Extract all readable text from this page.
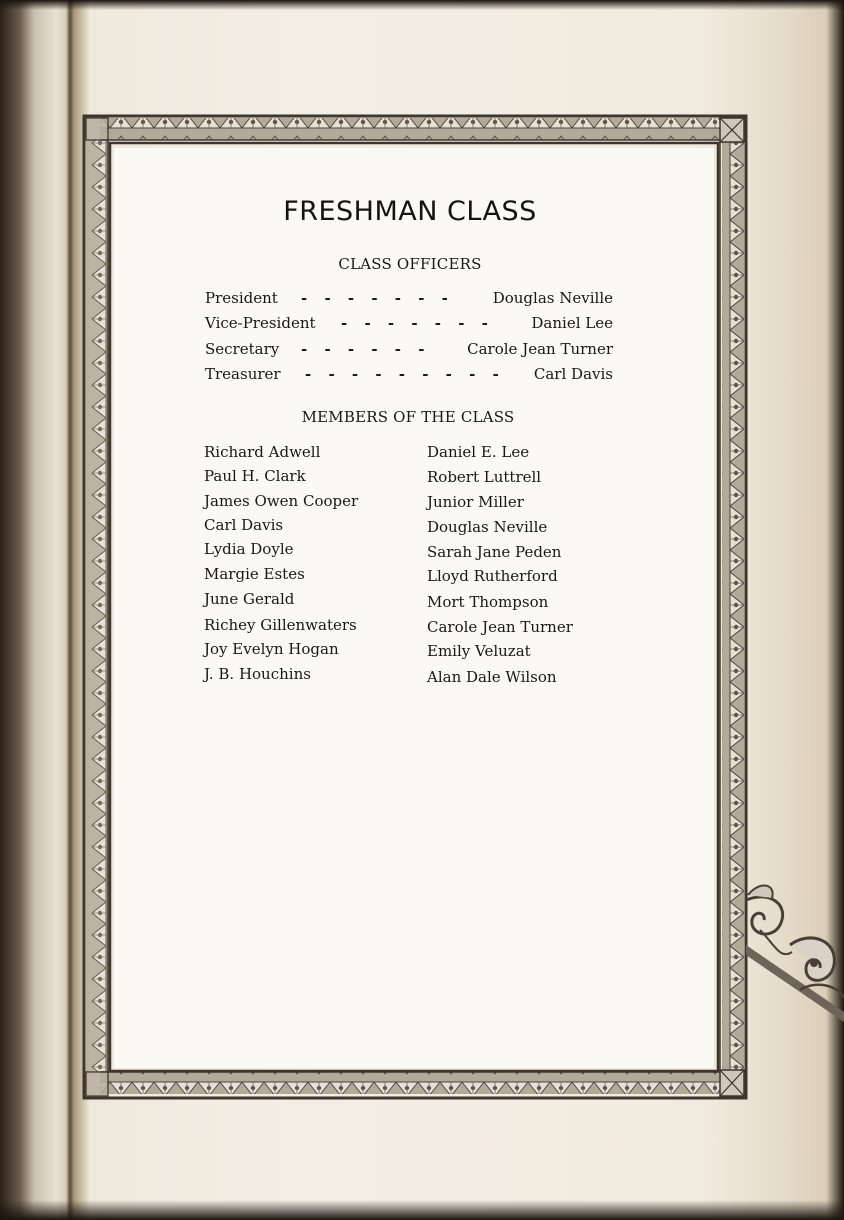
FRESHMAN CLASS
CLASS OFFICERS
President - - - - - - -	Douglas Neville
Vice-President - - - - - - - Daniel Lee
Secretary - - - - - - Carole Jean Turner
Treasurer - - - - - - - - - Carl Davis
MEMBERS OF THE CLASS
Richard Adwell
Paul H. Clark
James Owen Cooper
Carl Davis
Lydia Doyle
Margie Estes
June Gerald
Richey Gillenwaters
Joy Evelyn Hogan
J. B. Houchins
Daniel E. Lee
Robert Luttrell
Junior Miller
Douglas Neville
Sarah Jane Peden
Lloyd Rutherford
Mort Thompson
Carole Jean Turner
Emily Veluzat
Alan Dale Wilson
